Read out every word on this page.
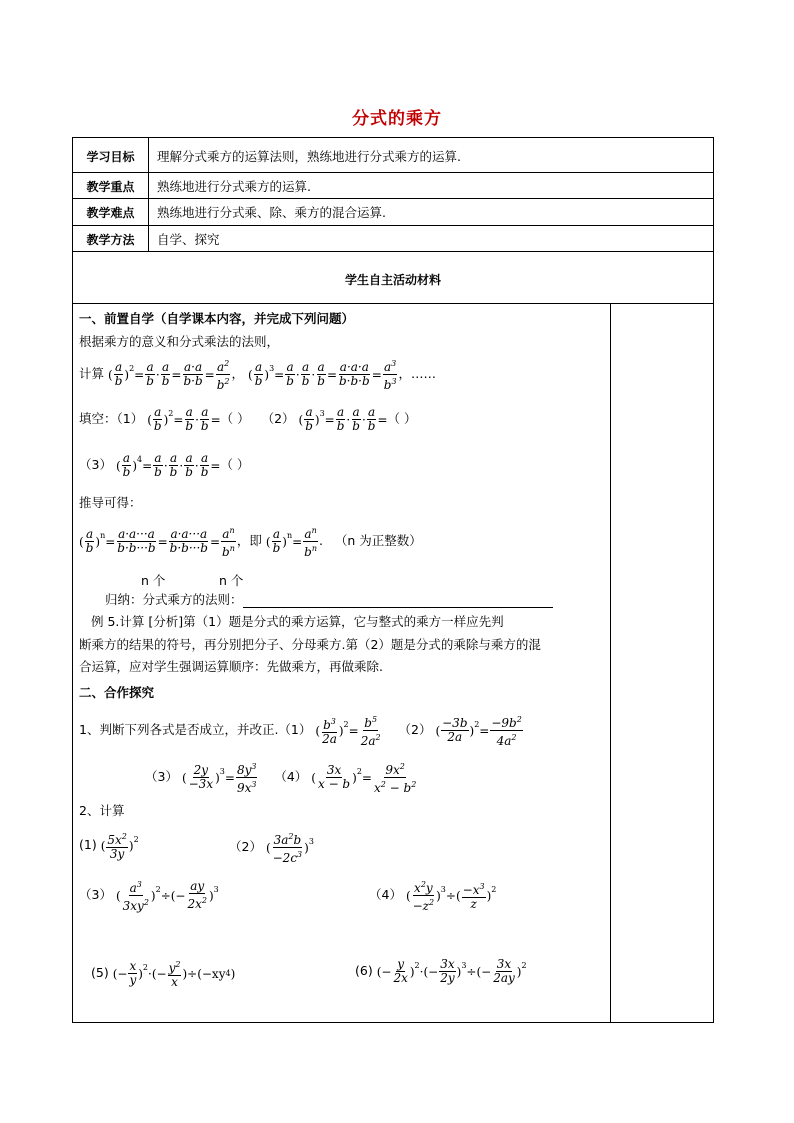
分式的乘方
学习目标	理解分式乘方的运算法则，熟练地进行分式乘方的运算.
教学重点	熟练地进行分式乘方的运算.
教学难点	熟练地进行分式乘、除、乘方的混合运算.
教学方法	自学、探究
学生自主活动材料
一、前置自学（自学课本内容，并完成下列问题）
根据乘方的意义和分式乘法的法则，
计算 (
a
b ) 2 =
a
b ·
a
b =
a·a
b·b =
$a^2$
$b^2$
， (
a
b ) 3 =
a
b ·
a
b ·
a
b =
a·a·a
b·b·b =
$a^3$
$b^3$
，……
填空：（1） (
a
b ) 2 =
a
b ·
a
b =（ ） （2） (
a
b ) 3 =
a
b ·
a
b ·
a
b =（ ）
（3） (
a
b ) 4 =
a
b ·
a
b ·
a
b ·
a
b =（ ）
推导可得：
(
a
b ) n =
a·a···a
b·b···b =
a·a···a
b·b···b =
$a^n$
$b^n$
，即 (
a
b ) n =
$a^n$
$b^n$
.   （n 为正整数）
n 个	n 个
归纳：分式乘方的法则：
例 5.计算 [分析]第（1）题是分式的乘方运算，它与整式的乘方一样应先判
断乘方的结果的符号，再分别把分子、分母乘方.第（2）题是分式的乘除与乘方的混
合运算，应对学生强调运算顺序：先做乘方，再做乘除.
二、合作探究
1、判断下列各式是否成立，并改正.（1） ( $b^3$
2a
) 2 =
$b^5$
$2a^2$
（2） (
−3b
2a ) 2 =
$-9b^2$
$4a^2$
（3） (
2y
−3x ) 3 =
$8y^3$
$9x^3$
（4） (
3x
x − b ) 2 =
$9x^2$
$x^2 - b^2$
2、计算
(1) ( $5x^2$
3y
) 2	（2） (
$3a^2b$
$-2c^3$ ) 3
（3） (
$a^3$
$3xy^2$ ) 2 ÷(−
ay
$2x^2$ ) 3	（4） (
$x^2y$
$-z^2$ ) 3 ÷( $-x^3$
z
) 2
(5) (−
x
y ) 2 ·(− $y^2$
x
)÷(−xy 4 )	(6) (−
y
2x ) 2 ·(−
3x
2y ) 3 ÷(−
3x
2ay ) 2
